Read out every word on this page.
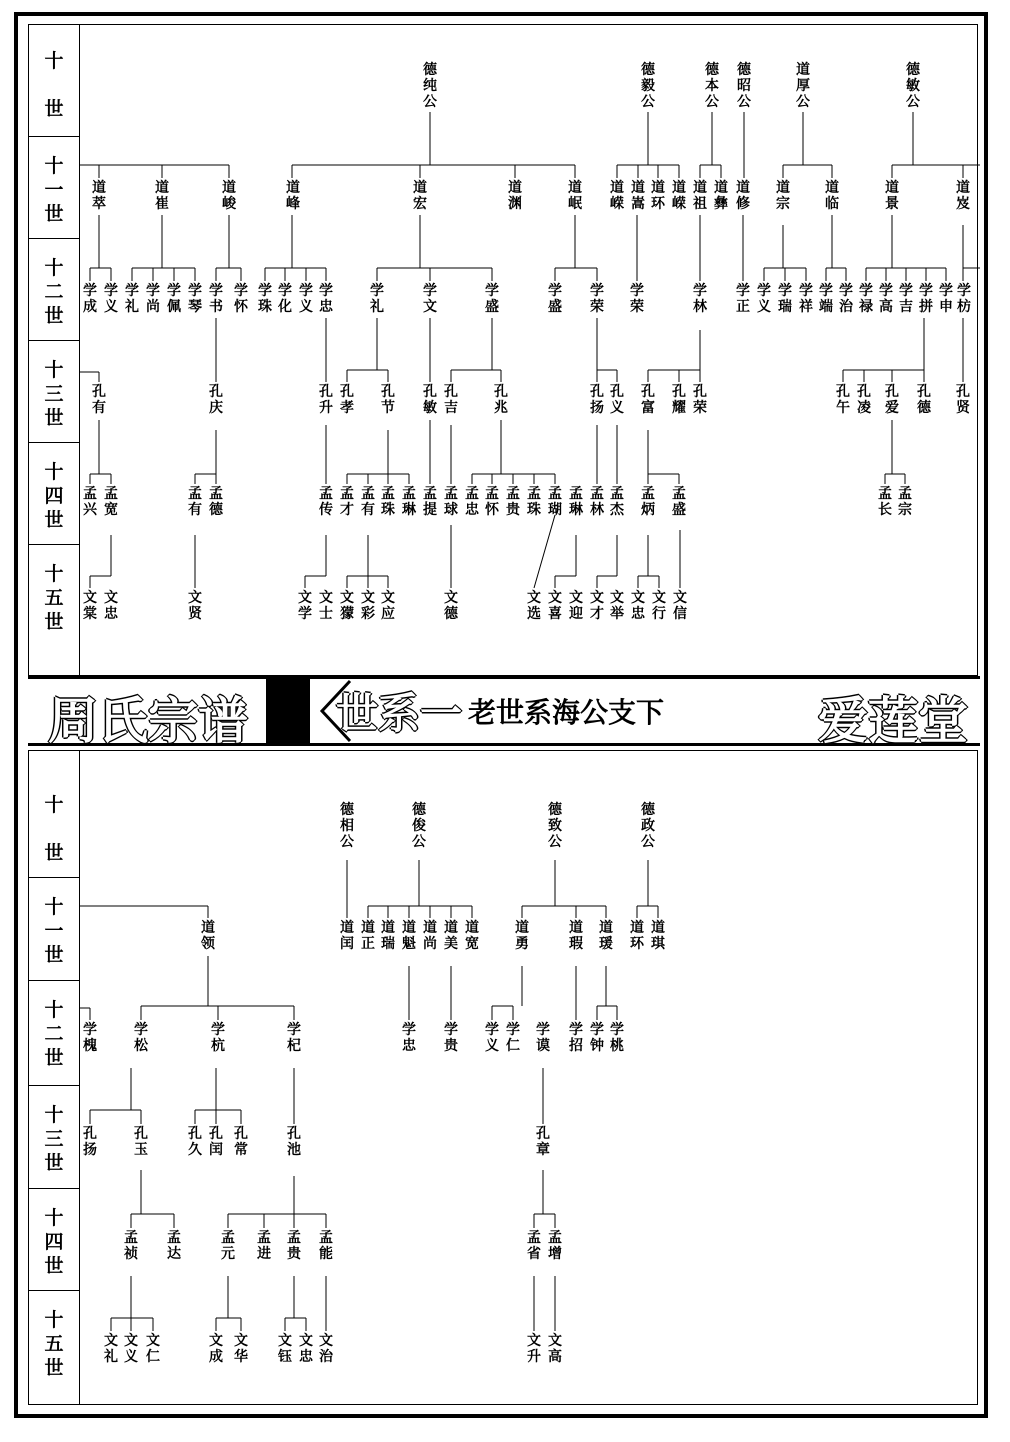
十
世
十
一
世
十
二
世
十
三
世
十
四
世
十
五
世
周氏宗谱 世系一 老世系海公支下	爱莲堂
十
世
十
一
世
十
二
世
十
三
世
十
四
世
十
五
世
德
纯
公
德
毅
公
德
本
公
德
昭
公
道
厚
公
德
敏
公
道
萃
道
崔
道
峻
道
峰
道
宏
道
渊
道
岷
道
嵘
道
嵩
道
环
道
嵘
道
祖
道
彝
道
修
道
宗
道
临
道
景
道
岌
学
成
学
义
学
礼
学
尚
学
佩
学
琴
学
书
学
怀
学
珠
学
化
学
义
学
忠
学
礼
学
文
学
盛
学
盛
学
荣
学
荣
学
林
学
正
学
义
学
瑞
学
祥
学
端
学
治
学
禄
学
高
学
吉
学
拼
学
申
学
枋
孔
有
孔
庆
孔
升
孔
孝
孔
节
孔
敏
孔
吉
孔
兆
孔
扬
孔
义
孔
富
孔
耀
孔
荣
孔
午
孔
凌
孔
爱
孔
德
孔
贤
孟
兴
孟
宽
孟
有
孟
德
孟
传
孟
才
孟
有
孟
珠
孟
琳
孟
提
孟
球
孟
忠
孟
怀
孟
贵
孟
珠
孟
瑚
孟
琳
孟
林
孟
杰
孟
炳
孟
盛
孟
长
孟
宗
文
棠
文
忠
文
贤
文
学
文
士
文
獴
文
彩
文
应
文
德
文
选
文
喜
文
迎
文
才
文
举
文
忠
文
行
文
信
德
相
公
德
俊
公
德
致
公
德
政
公
道
领
道
闰
道
正
道
瑞
道
魁
道
尚
道
美
道
宽
道
勇
道
瑕
道
瑗
道
环
道
琪
学
槐
学
松
学
杭
学
杞
学
忠
学
贵
学
义
学
仁
学
谟
学
招
学
钟
学
桃
孔
扬
孔
玉
孔
久
孔
闰
孔
常
孔
池
孔
章
孟
祯
孟
达
孟
元
孟
进
孟
贵
孟
能
孟
省
孟
增
文
礼
文
义
文
仁
文
成
文
华
文
钰
文
忠
文
治
文
升
文
高
